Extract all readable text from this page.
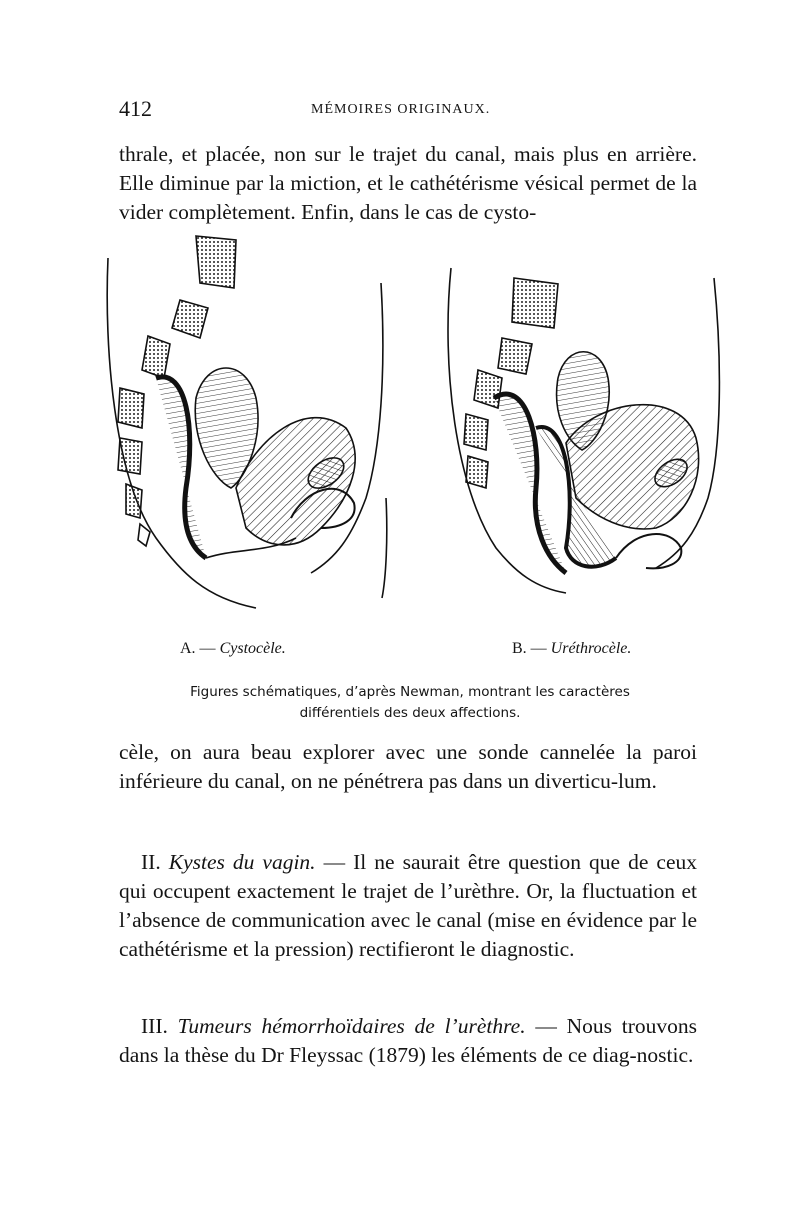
412	MÉMOIRES ORIGINAUX.

thrale, et placée, non sur le trajet du canal, mais plus en arrière. Elle diminue par la miction, et le cathétérisme vésical permet de la vider complètement. Enfin, dans le cas de cysto-

A. — Cystocèle.	B. — Uréthrocèle.

Figures schématiques, d’après Newman, montrant les caractères différentiels des deux affections.

cèle, on aura beau explorer avec une sonde cannelée la paroi inférieure du canal, on ne pénétrera pas dans un diverticu-lum.

II. Kystes du vagin. — Il ne saurait être question que de ceux qui occupent exactement le trajet de l’urèthre. Or, la fluctuation et l’absence de communication avec le canal (mise en évidence par le cathétérisme et la pression) rectifieront le diagnostic.

III. Tumeurs hémorrhoïdaires de l’urèthre. — Nous trouvons dans la thèse du Dr Fleyssac (1879) les éléments de ce diag-nostic.
